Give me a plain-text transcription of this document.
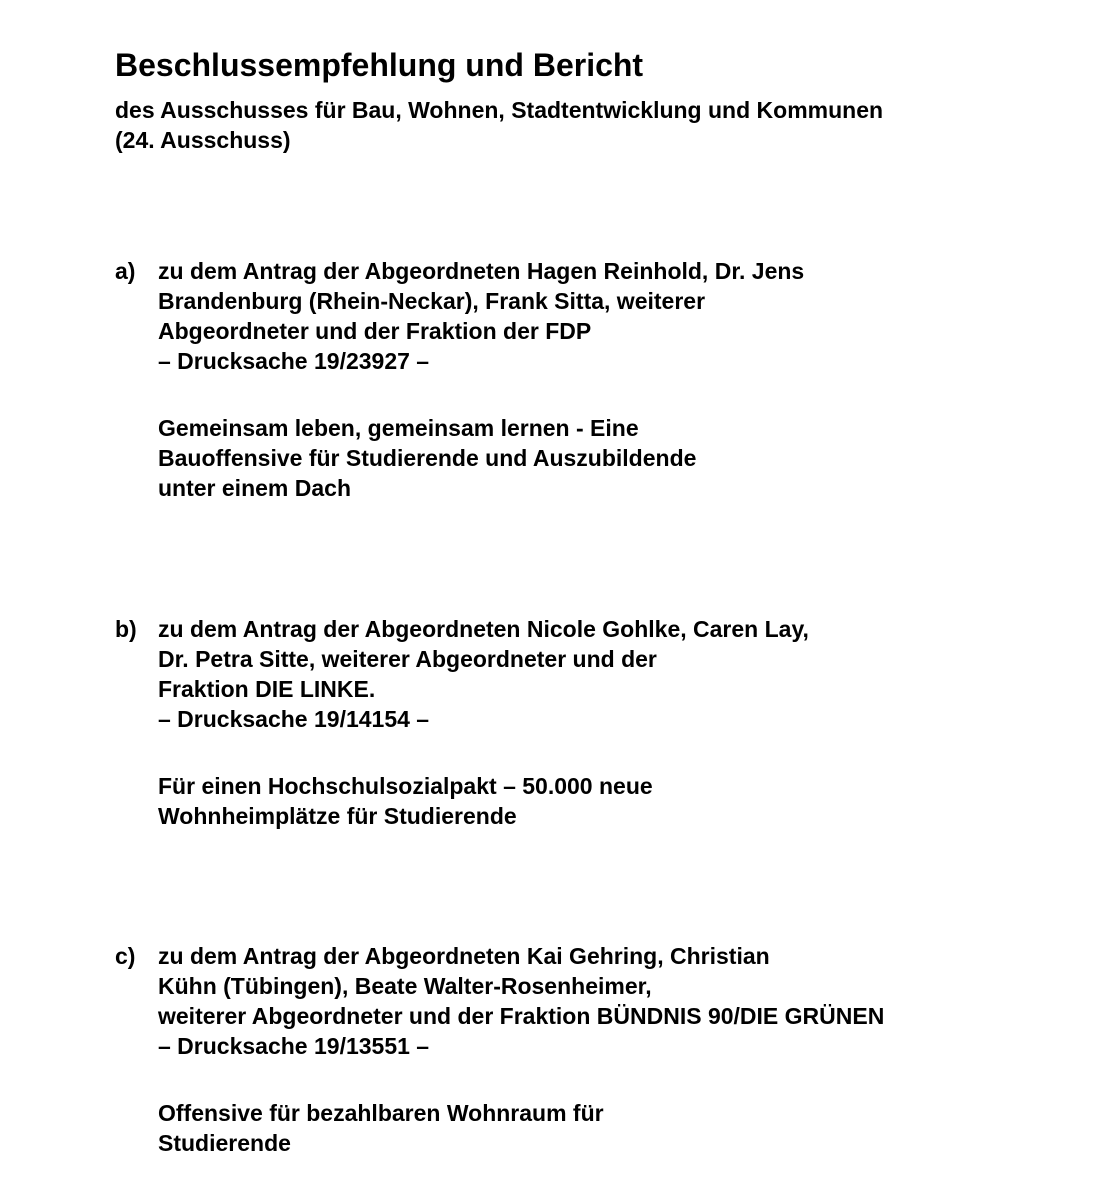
Beschlussempfehlung und Bericht
des Ausschusses für Bau, Wohnen, Stadtentwicklung und Kommunen
(24. Ausschuss)
a) zu dem Antrag der Abgeordneten Hagen Reinhold, Dr. Jens
Brandenburg (Rhein-Neckar), Frank Sitta, weiterer
Abgeordneter und der Fraktion der FDP
– Drucksache 19/23927 –
Gemeinsam leben, gemeinsam lernen - Eine
Bauoffensive für Studierende und Auszubildende
unter einem Dach
b) zu dem Antrag der Abgeordneten Nicole Gohlke, Caren Lay,
Dr. Petra Sitte, weiterer Abgeordneter und der
Fraktion DIE LINKE.
– Drucksache 19/14154 –
Für einen Hochschulsozialpakt – 50.000 neue
Wohnheimplätze für Studierende
c) zu dem Antrag der Abgeordneten Kai Gehring, Christian
Kühn (Tübingen), Beate Walter-Rosenheimer,
weiterer Abgeordneter und der Fraktion BÜNDNIS 90/DIE GRÜNEN
– Drucksache 19/13551 –
Offensive für bezahlbaren Wohnraum für
Studierende
